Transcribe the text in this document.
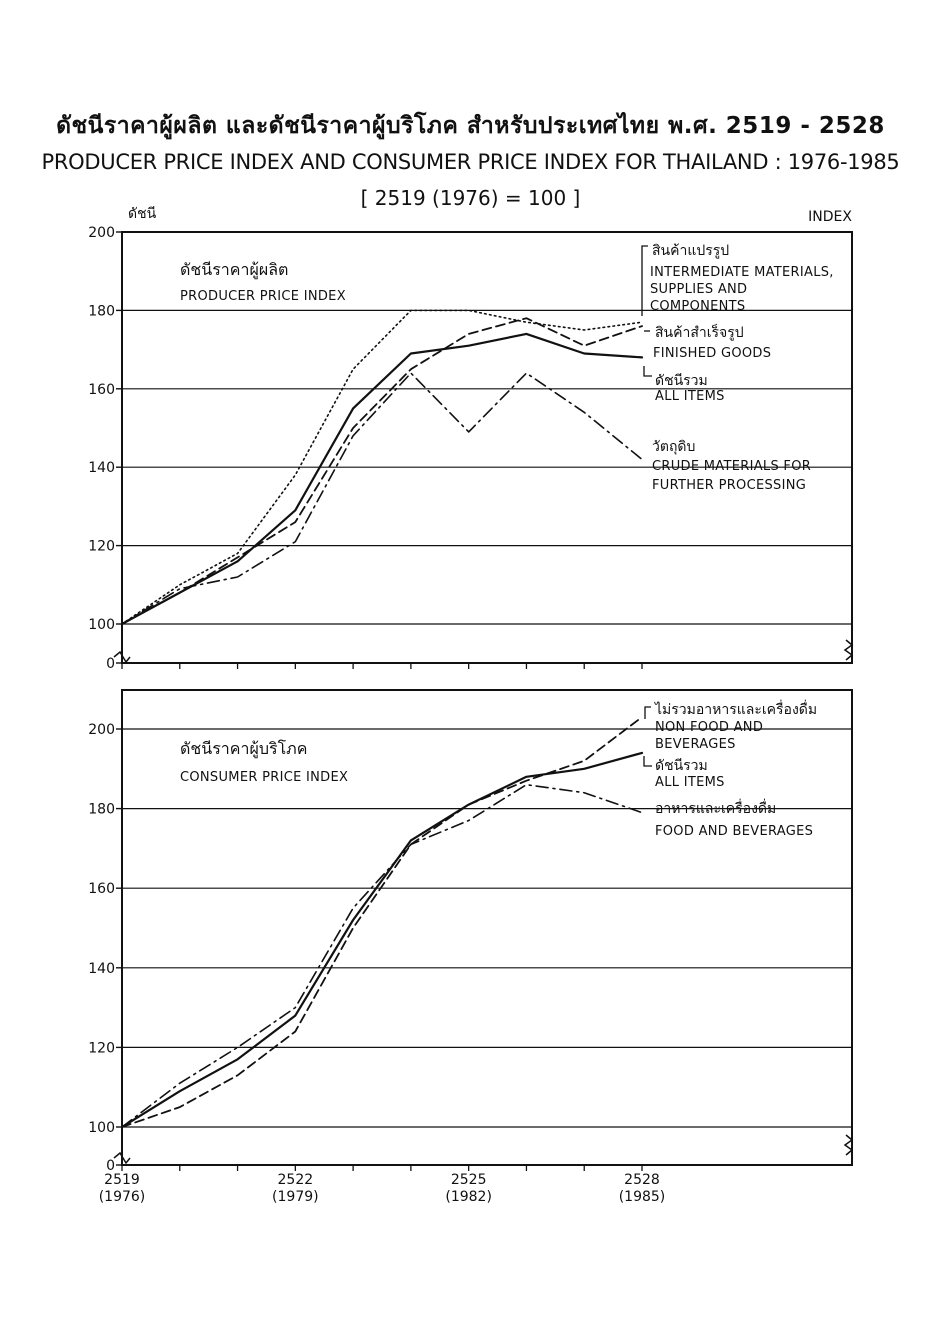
ดัชนีราคาผู้ผลิต และดัชนีราคาผู้บริโภค สำหรับประเทศไทย พ.ศ. 2519 - 2528
PRODUCER PRICE INDEX AND CONSUMER PRICE INDEX FOR THAILAND : 1976-1985
[ 2519 (1976) = 100 ]
200
180
160
140
120
100
0
ดัชนี	INDEX
ดัชนีราคาผู้ผลิต
PRODUCER PRICE INDEX
สินค้าแปรรูป
INTERMEDIATE MATERIALS,
SUPPLIES AND
COMPONENTS
สินค้าสำเร็จรูป
FINISHED GOODS
ดัชนีรวม
ALL ITEMS
วัตถุดิบ
CRUDE MATERIALS FOR
FURTHER PROCESSING
200
180
160
140
120
100
0
2519
(1976)
2522
(1979)
2525
(1982)
2528
(1985)
ดัชนีราคาผู้บริโภค
CONSUMER PRICE INDEX
ไม่รวมอาหารและเครื่องดื่ม
NON FOOD AND
BEVERAGES
ดัชนีรวม
ALL ITEMS
อาหารและเครื่องดื่ม
FOOD AND BEVERAGES
